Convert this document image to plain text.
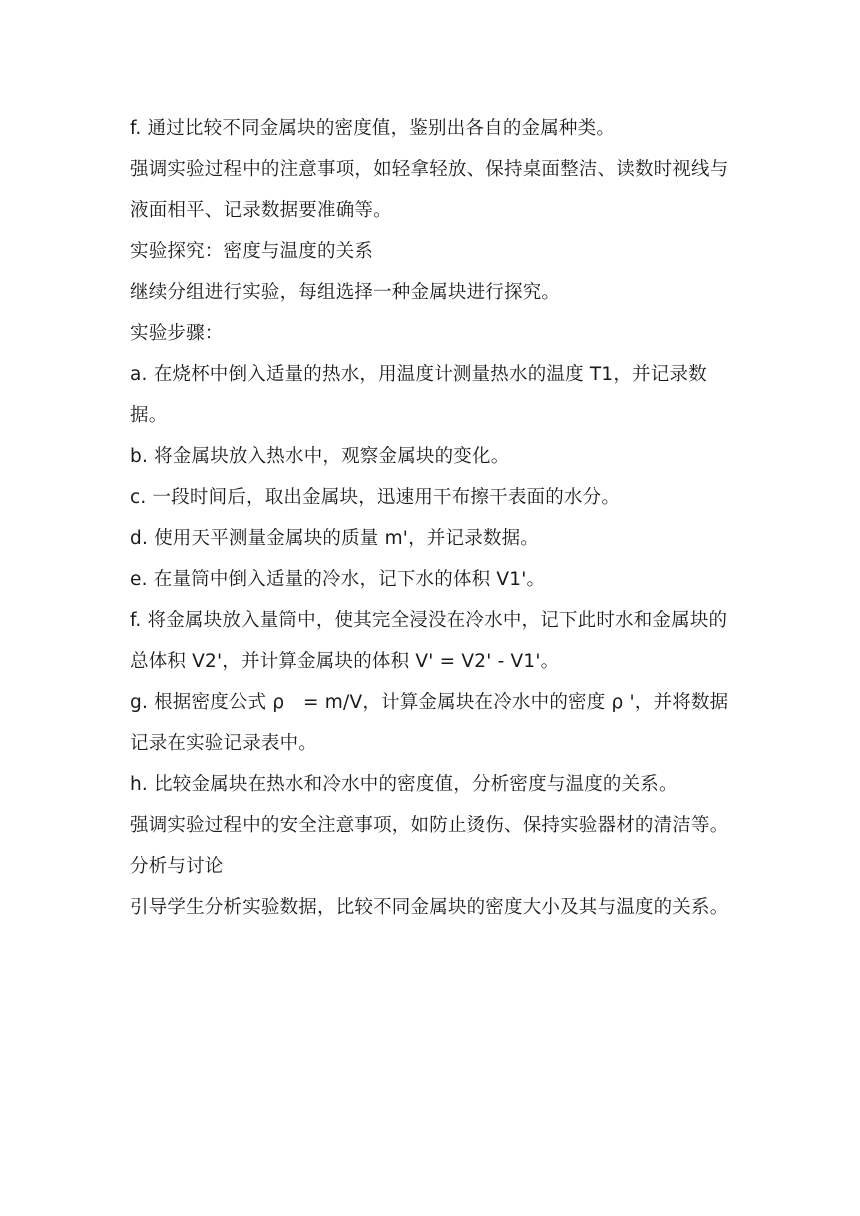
f. 通过比较不同金属块的密度值，鉴别出各自的金属种类。

强调实验过程中的注意事项，如轻拿轻放、保持桌面整洁、读数时视线与液面相平、记录数据要准确等。

实验探究：密度与温度的关系

继续分组进行实验，每组选择一种金属块进行探究。

实验步骤：

a. 在烧杯中倒入适量的热水，用温度计测量热水的温度 T1，并记录数据。

b. 将金属块放入热水中，观察金属块的变化。

c. 一段时间后，取出金属块，迅速用干布擦干表面的水分。

d. 使用天平测量金属块的质量 m'，并记录数据。

e. 在量筒中倒入适量的冷水，记下水的体积 V1'。

f. 将金属块放入量筒中，使其完全浸没在冷水中，记下此时水和金属块的总体积 V2'，并计算金属块的体积 V' = V2' - V1'。

g. 根据密度公式 ρ　= m/V，计算金属块在冷水中的密度 ρ '，并将数据记录在实验记录表中。

h. 比较金属块在热水和冷水中的密度值，分析密度与温度的关系。

强调实验过程中的安全注意事项，如防止烫伤、保持实验器材的清洁等。

分析与讨论

引导学生分析实验数据，比较不同金属块的密度大小及其与温度的关系。
